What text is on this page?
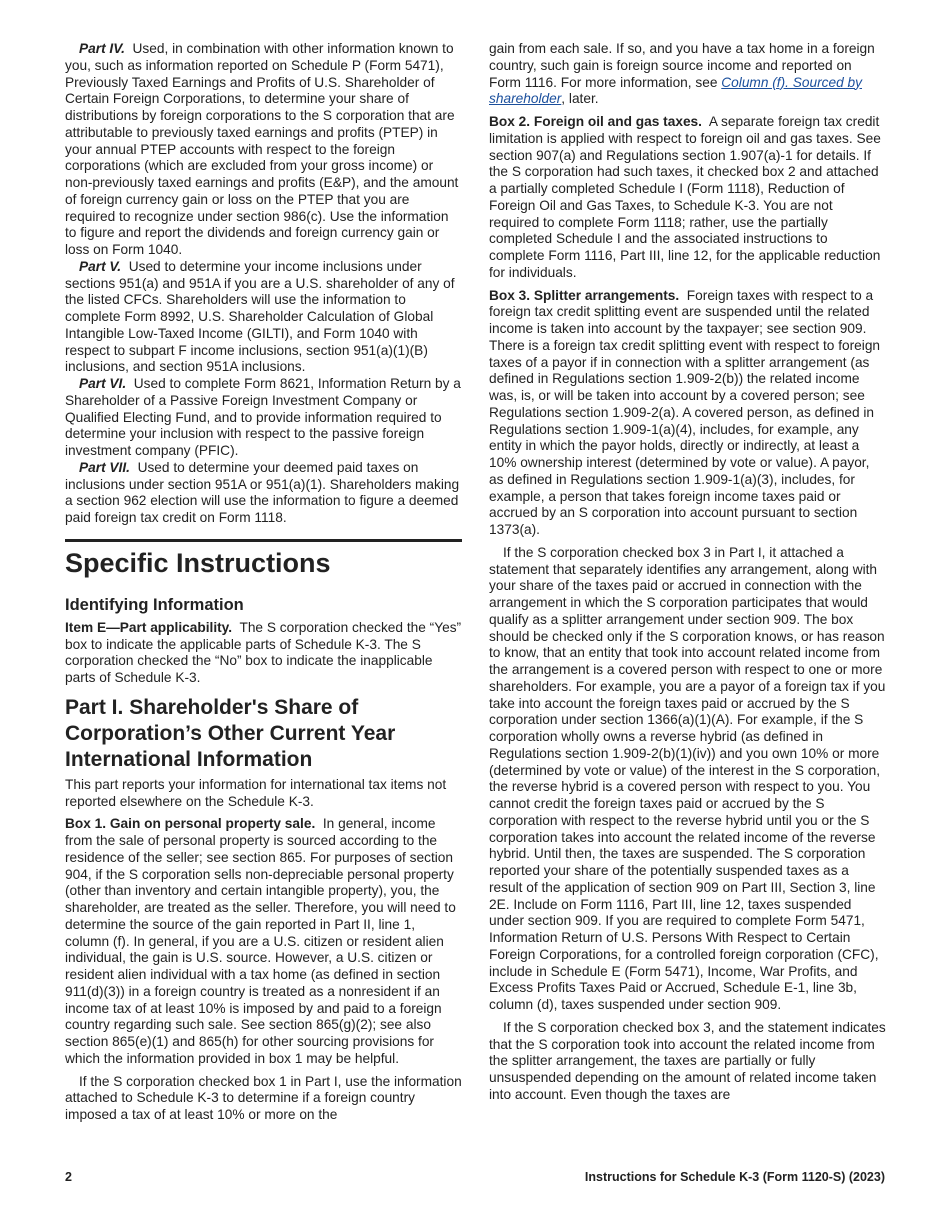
Part IV. Used, in combination with other information known to you, such as information reported on Schedule P (Form 5471), Previously Taxed Earnings and Profits of U.S. Shareholder of Certain Foreign Corporations, to determine your share of distributions by foreign corporations to the S corporation that are attributable to previously taxed earnings and profits (PTEP) in your annual PTEP accounts with respect to the foreign corporations (which are excluded from your gross income) or non-previously taxed earnings and profits (E&P), and the amount of foreign currency gain or loss on the PTEP that you are required to recognize under section 986(c). Use the information to figure and report the dividends and foreign currency gain or loss on Form 1040.

Part V. Used to determine your income inclusions under sections 951(a) and 951A if you are a U.S. shareholder of any of the listed CFCs. Shareholders will use the information to complete Form 8992, U.S. Shareholder Calculation of Global Intangible Low-Taxed Income (GILTI), and Form 1040 with respect to subpart F income inclusions, section 951(a)(1)(B) inclusions, and section 951A inclusions.

Part VI. Used to complete Form 8621, Information Return by a Shareholder of a Passive Foreign Investment Company or Qualified Electing Fund, and to provide information required to determine your inclusion with respect to the passive foreign investment company (PFIC).

Part VII. Used to determine your deemed paid taxes on inclusions under section 951A or 951(a)(1). Shareholders making a section 962 election will use the information to figure a deemed paid foreign tax credit on Form 1118.

Specific Instructions
Identifying Information

Item E—Part applicability. The S corporation checked the “Yes” box to indicate the applicable parts of Schedule K-3. The S corporation checked the “No” box to indicate the inapplicable parts of Schedule K-3.

Part I. Shareholder's Share of Corporation’s Other Current Year International Information

This part reports your information for international tax items not reported elsewhere on the Schedule K-3.

Box 1. Gain on personal property sale. In general, income from the sale of personal property is sourced according to the residence of the seller; see section 865. For purposes of section 904, if the S corporation sells non-depreciable personal property (other than inventory and certain intangible property), you, the shareholder, are treated as the seller. Therefore, you will need to determine the source of the gain reported in Part II, line 1, column (f). In general, if you are a U.S. citizen or resident alien individual, the gain is U.S. source. However, a U.S. citizen or resident alien individual with a tax home (as defined in section 911(d)(3)) in a foreign country is treated as a nonresident if an income tax of at least 10% is imposed by and paid to a foreign country regarding such sale. See section 865(g)(2); see also section 865(e)(1) and 865(h) for other sourcing provisions for which the information provided in box 1 may be helpful.

If the S corporation checked box 1 in Part I, use the information attached to Schedule K-3 to determine if a foreign country imposed a tax of at least 10% or more on the

gain from each sale. If so, and you have a tax home in a foreign country, such gain is foreign source income and reported on Form 1116. For more information, see Column (f). Sourced by shareholder, later.

Box 2. Foreign oil and gas taxes. A separate foreign tax credit limitation is applied with respect to foreign oil and gas taxes. See section 907(a) and Regulations section 1.907(a)-1 for details. If the S corporation had such taxes, it checked box 2 and attached a partially completed Schedule I (Form 1118), Reduction of Foreign Oil and Gas Taxes, to Schedule K-3. You are not required to complete Form 1118; rather, use the partially completed Schedule I and the associated instructions to complete Form 1116, Part III, line 12, for the applicable reduction for individuals.

Box 3. Splitter arrangements. Foreign taxes with respect to a foreign tax credit splitting event are suspended until the related income is taken into account by the taxpayer; see section 909. There is a foreign tax credit splitting event with respect to foreign taxes of a payor if in connection with a splitter arrangement (as defined in Regulations section 1.909-2(b)) the related income was, is, or will be taken into account by a covered person; see Regulations section 1.909-2(a). A covered person, as defined in Regulations section 1.909-1(a)(4), includes, for example, any entity in which the payor holds, directly or indirectly, at least a 10% ownership interest (determined by vote or value). A payor, as defined in Regulations section 1.909-1(a)(3), includes, for example, a person that takes foreign income taxes paid or accrued by an S corporation into account pursuant to section 1373(a).

If the S corporation checked box 3 in Part I, it attached a statement that separately identifies any arrangement, along with your share of the taxes paid or accrued in connection with the arrangement in which the S corporation participates that would qualify as a splitter arrangement under section 909. The box should be checked only if the S corporation knows, or has reason to know, that an entity that took into account related income from the arrangement is a covered person with respect to one or more shareholders. For example, you are a payor of a foreign tax if you take into account the foreign taxes paid or accrued by the S corporation under section 1366(a)(1)(A). For example, if the S corporation wholly owns a reverse hybrid (as defined in Regulations section 1.909-2(b)(1)(iv)) and you own 10% or more (determined by vote or value) of the interest in the S corporation, the reverse hybrid is a covered person with respect to you. You cannot credit the foreign taxes paid or accrued by the S corporation with respect to the reverse hybrid until you or the S corporation takes into account the related income of the reverse hybrid. Until then, the taxes are suspended. The S corporation reported your share of the potentially suspended taxes as a result of the application of section 909 on Part III, Section 3, line 2E. Include on Form 1116, Part III, line 12, taxes suspended under section 909. If you are required to complete Form 5471, Information Return of U.S. Persons With Respect to Certain Foreign Corporations, for a controlled foreign corporation (CFC), include in Schedule E (Form 5471), Income, War Profits, and Excess Profits Taxes Paid or Accrued, Schedule E-1, line 3b, column (d), taxes suspended under section 909.

If the S corporation checked box 3, and the statement indicates that the S corporation took into account the related income from the splitter arrangement, the taxes are partially or fully unsuspended depending on the amount of related income taken into account. Even though the taxes are

2	Instructions for Schedule K-3 (Form 1120-S) (2023)
